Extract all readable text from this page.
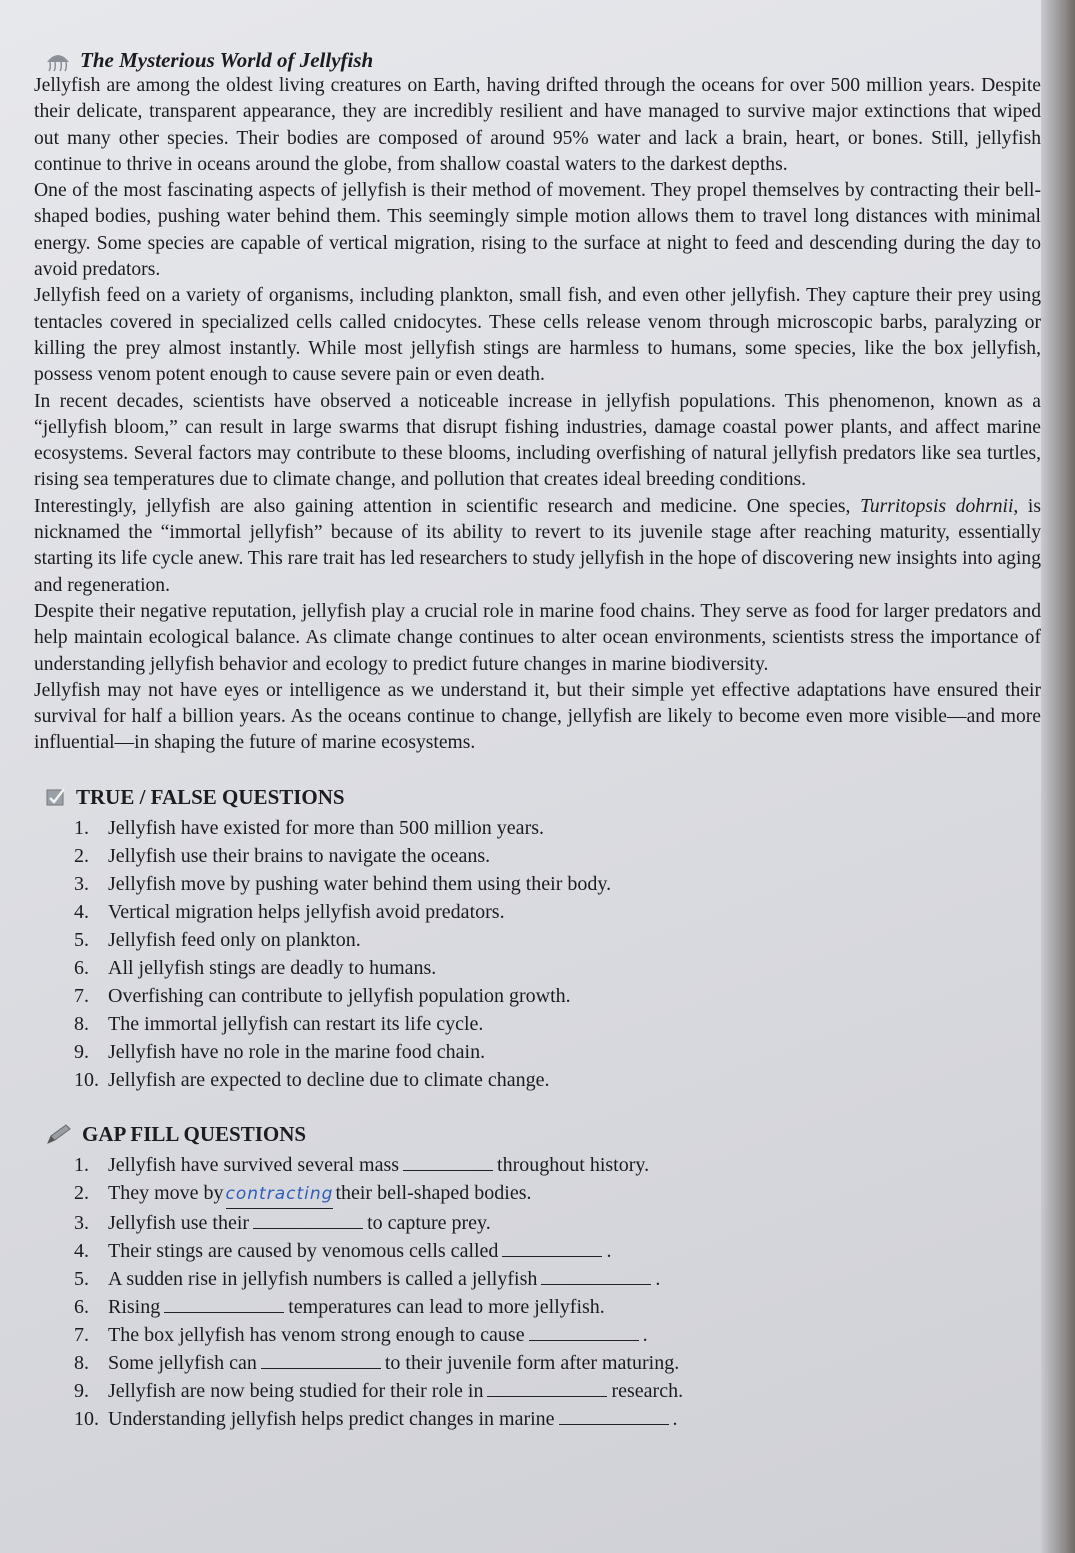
The Mysterious World of Jellyfish

Jellyfish are among the oldest living creatures on Earth, having drifted through the oceans for over 500 million years. Despite their delicate, transparent appearance, they are incredibly resilient and have managed to survive major extinctions that wiped out many other species. Their bodies are composed of around 95% water and lack a brain, heart, or bones. Still, jellyfish continue to thrive in oceans around the globe, from shallow coastal waters to the darkest depths.

One of the most fascinating aspects of jellyfish is their method of movement. They propel themselves by contracting their bell-shaped bodies, pushing water behind them. This seemingly simple motion allows them to travel long distances with minimal energy. Some species are capable of vertical migration, rising to the surface at night to feed and descending during the day to avoid predators.

Jellyfish feed on a variety of organisms, including plankton, small fish, and even other jellyfish. They capture their prey using tentacles covered in specialized cells called cnidocytes. These cells release venom through microscopic barbs, paralyzing or killing the prey almost instantly. While most jellyfish stings are harmless to humans, some species, like the box jellyfish, possess venom potent enough to cause severe pain or even death.

In recent decades, scientists have observed a noticeable increase in jellyfish populations. This phenomenon, known as a “jellyfish bloom,” can result in large swarms that disrupt fishing industries, damage coastal power plants, and affect marine ecosystems. Several factors may contribute to these blooms, including overfishing of natural jellyfish predators like sea turtles, rising sea temperatures due to climate change, and pollution that creates ideal breeding conditions.

Interestingly, jellyfish are also gaining attention in scientific research and medicine. One species, Turritopsis dohrnii, is nicknamed the “immortal jellyfish” because of its ability to revert to its juvenile stage after reaching maturity, essentially starting its life cycle anew. This rare trait has led researchers to study jellyfish in the hope of discovering new insights into aging and regeneration.

Despite their negative reputation, jellyfish play a crucial role in marine food chains. They serve as food for larger predators and help maintain ecological balance. As climate change continues to alter ocean environments, scientists stress the importance of understanding jellyfish behavior and ecology to predict future changes in marine biodiversity.

Jellyfish may not have eyes or intelligence as we understand it, but their simple yet effective adaptations have ensured their survival for half a billion years. As the oceans continue to change, jellyfish are likely to become even more visible—and more influential—in shaping the future of marine ecosystems.

TRUE / FALSE QUESTIONS
1. Jellyfish have existed for more than 500 million years.
2. Jellyfish use their brains to navigate the oceans.
3. Jellyfish move by pushing water behind them using their body.
4. Vertical migration helps jellyfish avoid predators.
5. Jellyfish feed only on plankton.
6. All jellyfish stings are deadly to humans.
7. Overfishing can contribute to jellyfish population growth.
8. The immortal jellyfish can restart its life cycle.
9. Jellyfish have no role in the marine food chain.
10. Jellyfish are expected to decline due to climate change.
GAP FILL QUESTIONS
1. Jellyfish have survived several mass	throughout history.
2. They move by contracting their bell-shaped bodies.
3. Jellyfish use their	to capture prey.
4. Their stings are caused by venomous cells called	.
5. A sudden rise in jellyfish numbers is called a jellyfish	.
6. Rising	temperatures can lead to more jellyfish.
7. The box jellyfish has venom strong enough to cause	.
8. Some jellyfish can	to their juvenile form after maturing.
9. Jellyfish are now being studied for their role in	research.
10. Understanding jellyfish helps predict changes in marine	.
